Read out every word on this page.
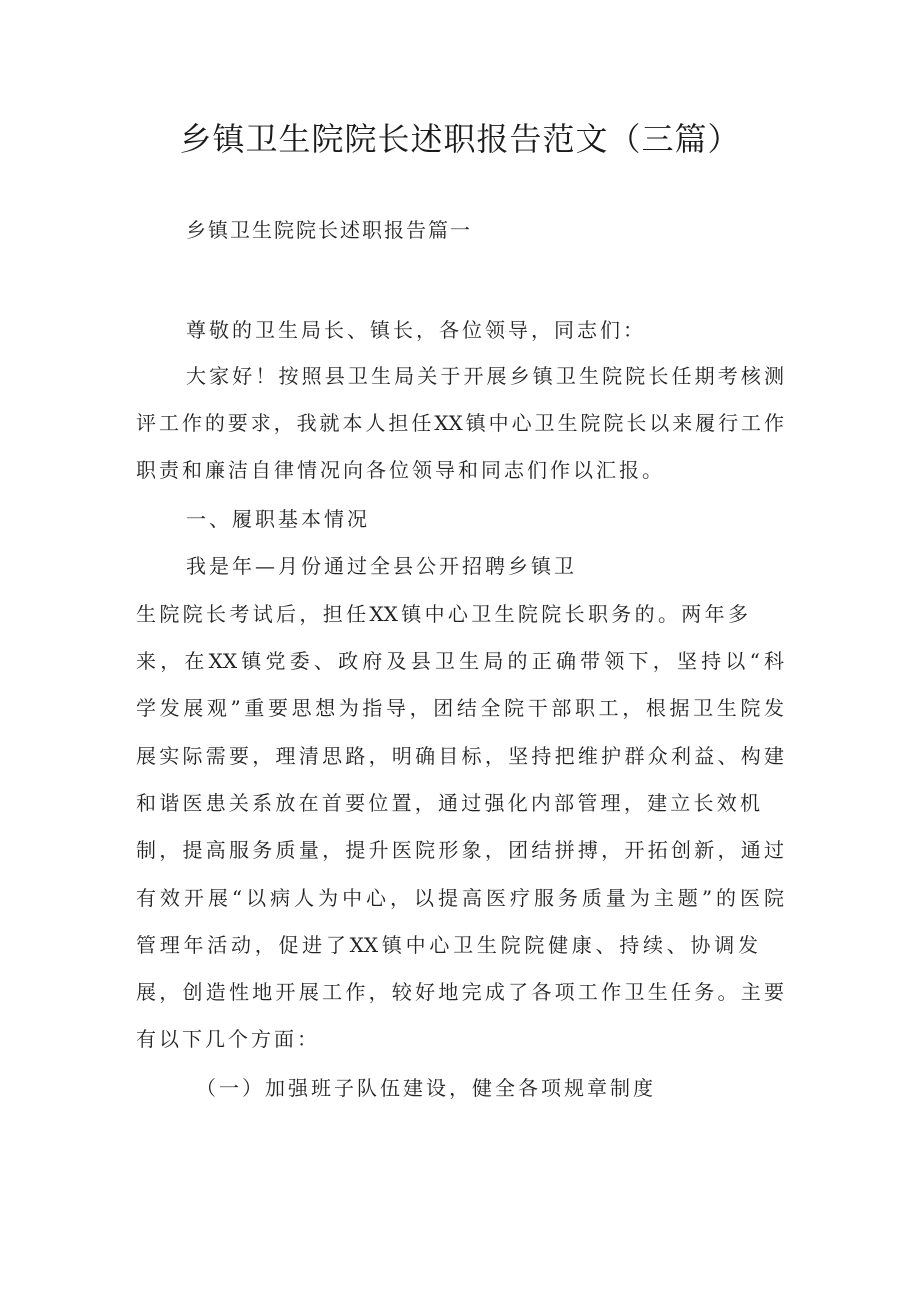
乡镇卫生院院长述职报告范文（三篇）
乡镇卫生院院长述职报告篇一
尊敬的卫生局长、镇长，各位领导，同志们：
大家好！按照县卫生局关于开展乡镇卫生院院长任期考核测
评工作的要求，我就本人担任XX镇中心卫生院院长以来履行工作
职责和廉洁自律情况向各位领导和同志们作以汇报。
一、履职基本情况
我是年—月份通过全县公开招聘乡镇卫
生院院长考试后，担任XX镇中心卫生院院长职务的。两年多
来，在XX镇党委、政府及县卫生局的正确带领下，坚持以“科
学发展观”重要思想为指导，团结全院干部职工，根据卫生院发
展实际需要，理清思路，明确目标，坚持把维护群众利益、构建
和谐医患关系放在首要位置，通过强化内部管理，建立长效机
制，提高服务质量，提升医院形象，团结拼搏，开拓创新，通过
有效开展“以病人为中心，以提高医疗服务质量为主题”的医院
管理年活动，促进了XX镇中心卫生院院健康、持续、协调发
展，创造性地开展工作，较好地完成了各项工作卫生任务。主要
有以下几个方面：
（一）加强班子队伍建设，健全各项规章制度
